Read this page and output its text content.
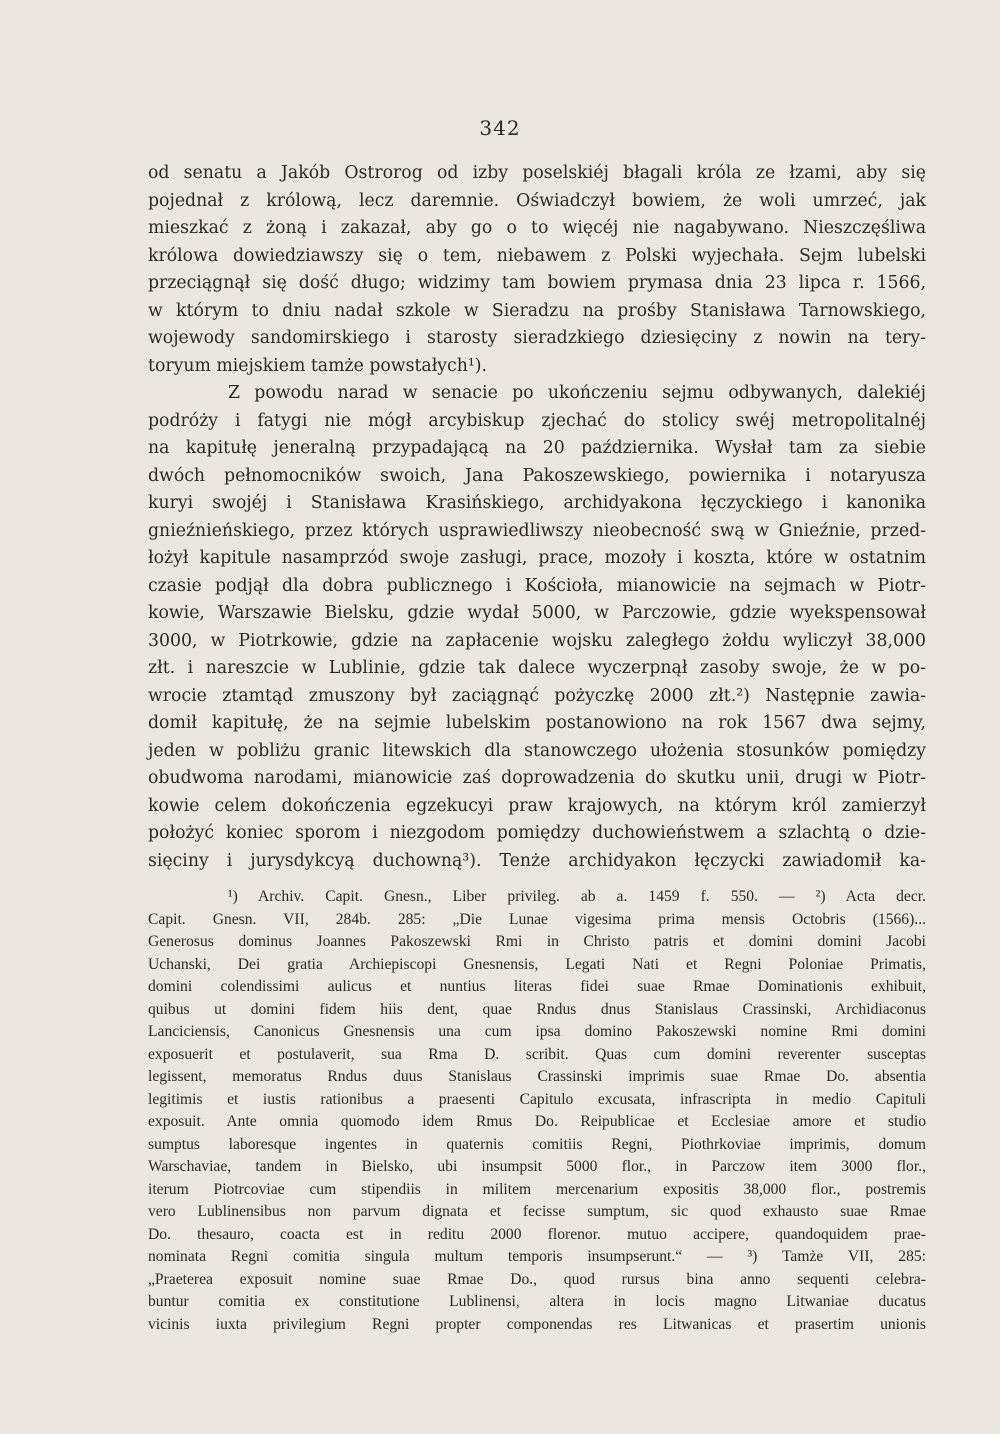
342
od senatu a Jakób Ostrorog od izby poselskiéj błagali króla ze łzami, aby się
pojednał z królową, lecz daremnie. Oświadczył bowiem, że woli umrzeć, jak
mieszkać z żoną i zakazał, aby go o to więcéj nie nagabywano. Nieszczęśliwa
królowa dowiedziawszy się o tem, niebawem z Polski wyjechała. Sejm lubelski
przeciągnął się dość długo; widzimy tam bowiem prymasa dnia 23 lipca r. 1566,
w którym to dniu nadał szkole w Sieradzu na prośby Stanisława Tarnowskiego,
wojewody sandomirskiego i starosty sieradzkiego dziesięciny z nowin na tery-
toryum miejskiem tamże powstałych¹).
Z powodu narad w senacie po ukończeniu sejmu odbywanych, dalekiéj
podróży i fatygi nie mógł arcybiskup zjechać do stolicy swéj metropolitalnéj
na kapitułę jeneralną przypadającą na 20 października. Wysłał tam za siebie
dwóch pełnomocników swoich, Jana Pakoszewskiego, powiernika i notaryusza
kuryi swojéj i Stanisława Krasińskiego, archidyakona łęczyckiego i kanonika
gnieźnieńskiego, przez których usprawiedliwszy nieobecność swą w Gnieźnie, przed-
łożył kapitule nasamprzód swoje zasługi, prace, mozoły i koszta, które w ostatnim
czasie podjął dla dobra publicznego i Kościoła, mianowicie na sejmach w Piotr-
kowie, Warszawie Bielsku, gdzie wydał 5000, w Parczowie, gdzie wyekspensował
3000, w Piotrkowie, gdzie na zapłacenie wojsku zaległego żołdu wyliczył 38,000
złt. i nareszcie w Lublinie, gdzie tak dalece wyczerpnął zasoby swoje, że w po-
wrocie ztamtąd zmuszony był zaciągnąć pożyczkę 2000 złt.²) Następnie zawia-
domił kapitułę, że na sejmie lubelskim postanowiono na rok 1567 dwa sejmy,
jeden w pobliżu granic litewskich dla stanowczego ułożenia stosunków pomiędzy
obudwoma narodami, mianowicie zaś doprowadzenia do skutku unii, drugi w Piotr-
kowie celem dokończenia egzekucyi praw krajowych, na którym król zamierzył
położyć koniec sporom i niezgodom pomiędzy duchowieństwem a szlachtą o dzie-
sięciny i jurysdykcyą duchowną³). Tenże archidyakon łęczycki zawiadomił ka-
¹) Archiv. Capit. Gnesn., Liber privileg. ab a. 1459 f. 550. — ²) Acta decr.
Capit. Gnesn. VII, 284b. 285: „Die Lunae vigesima prima mensis Octobris (1566)...
Generosus dominus Joannes Pakoszewski Rmi in Christo patris et domini domini Jacobi
Uchanski, Dei gratia Archiepiscopi Gnesnensis, Legati Nati et Regni Poloniae Primatis,
domini colendissimi aulicus et nuntius literas fidei suae Rmae Dominationis exhibuit,
quibus ut domini fidem hiis dent, quae Rndus dnus Stanislaus Crassinski, Archidiaconus
Lanciciensis, Canonicus Gnesnensis una cum ipsa domino Pakoszewski nomine Rmi domini
exposuerit et postulaverit, sua Rma D. scribit. Quas cum domini reverenter susceptas
legissent, memoratus Rndus duus Stanislaus Crassinski imprimis suae Rmae Do. absentia
legitimis et iustis rationibus a praesenti Capitulo excusata, infrascripta in medio Capituli
exposuit. Ante omnia quomodo idem Rmus Do. Reipublicae et Ecclesiae amore et studio
sumptus laboresque ingentes in quaternis comitiis Regni, Piothrkoviae imprimis, domum
Warschaviae, tandem in Bielsko, ubi insumpsit 5000 flor., in Parczow item 3000 flor.,
iterum Piotrcoviae cum stipendiis in militem mercenarium expositis 38,000 flor., postremis
vero Lublinensibus non parvum dignata et fecisse sumptum, sic quod exhausto suae Rmae
Do. thesauro, coacta est in reditu 2000 florenor. mutuo accipere, quandoquidem prae-
nominata Regni comitia singula multum temporis insumpserunt.“ — ³) Tamże VII, 285:
„Praeterea exposuit nomine suae Rmae Do., quod rursus bina anno sequenti celebra-
buntur comitia ex constitutione Lublinensi, altera in locis magno Litwaniae ducatus
vicinis iuxta privilegium Regni propter componendas res Litwanicas et prasertim unionis
